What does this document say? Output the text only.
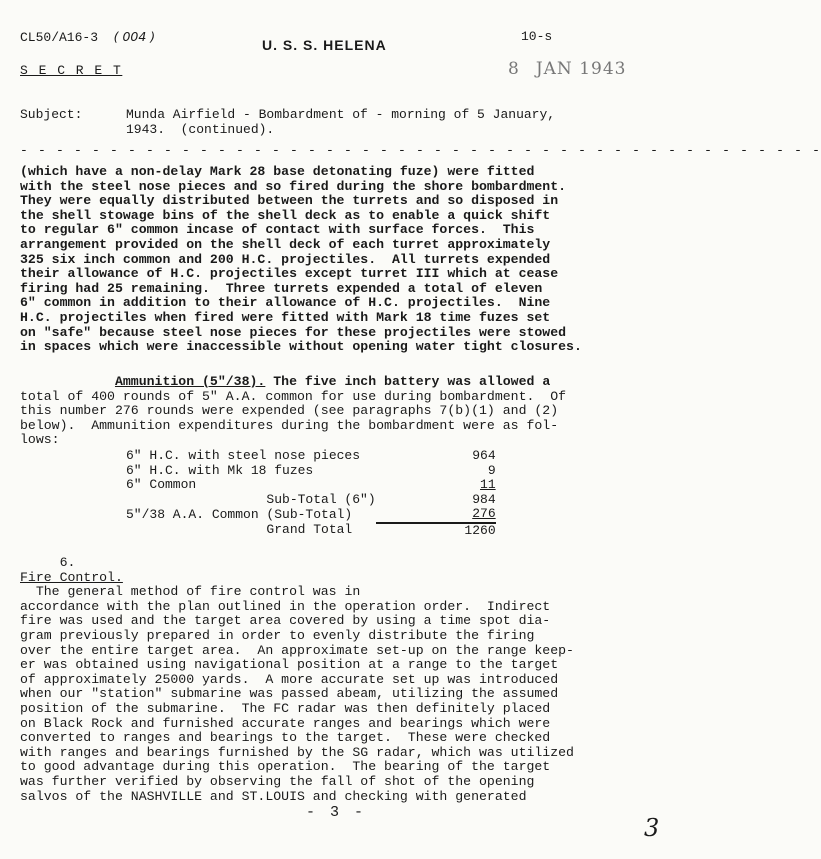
CL50/A16-3 ( 004 )
U. S. S. HELENA
10-s
S E C R E T	8 JAN 1943
Subject:	Munda Airfield - Bombardment of - morning of 5 January,
1943.  (continued).
- - - - - - - - - - - - - - - - - - - - - - - - - - - - - - - - - - - - - - - - - - - - -
(which have a non-delay Mark 28 base detonating fuze) were fitted
with the steel nose pieces and so fired during the shore bombardment.
They were equally distributed between the turrets and so disposed in
the shell stowage bins of the shell deck as to enable a quick shift
to regular 6" common incase of contact with surface forces.  This
arrangement provided on the shell deck of each turret approximately
325 six inch common and 200 H.C. projectiles.  All turrets expended
their allowance of H.C. projectiles except turret III which at cease
firing had 25 remaining.  Three turrets expended a total of eleven
6" common in addition to their allowance of H.C. projectiles.  Nine
H.C. projectiles when fired were fitted with Mark 18 time fuzes set
on "safe" because steel nose pieces for these projectiles were stowed
in spaces which were inaccessible without opening water tight closures.
Ammunition (5"/38). The five inch battery was allowed a
total of 400 rounds of 5" A.A. common for use during bombardment.  Of
this number 276 rounds were expended (see paragraphs 7(b)(1) and (2)
below).  Ammunition expenditures during the bombardment were as fol-
lows:
6" H.C. with steel nose pieces	964
6" H.C. with Mk 18 fuzes	9
6" Common	11
Sub-Total (6")	984
5"/38 A.A. Common (Sub-Total)	276
Grand Total	1260
6.
Fire Control.
The general method of fire control was in
accordance with the plan outlined in the operation order.  Indirect
fire was used and the target area covered by using a time spot dia-
gram previously prepared in order to evenly distribute the firing
over the entire target area.  An approximate set-up on the range keep-
er was obtained using navigational position at a range to the target
of approximately 25000 yards.  A more accurate set up was introduced
when our "station" submarine was passed abeam, utilizing the assumed
position of the submarine.  The FC radar was then definitely placed
on Black Rock and furnished accurate ranges and bearings which were
converted to ranges and bearings to the target.  These were checked
with ranges and bearings furnished by the SG radar, which was utilized
to good advantage during this operation.  The bearing of the target
was further verified by observing the fall of shot of the opening
salvos of the NASHVILLE and ST.LOUIS and checking with generated
- 3 -
3
